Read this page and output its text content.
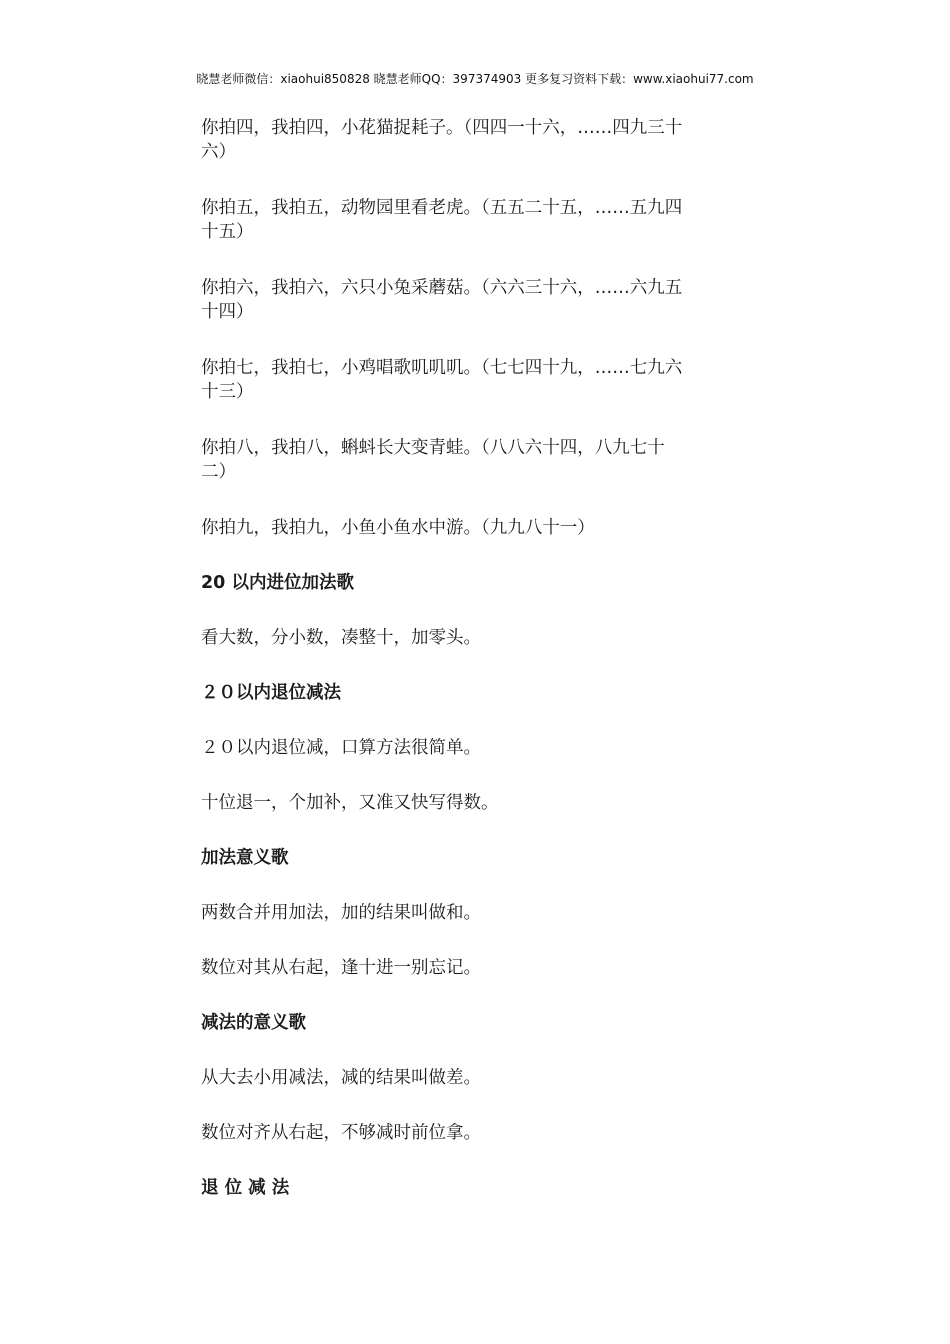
晓慧老师微信：xiaohui850828 晓慧老师QQ：397374903 更多复习资料下载：www.xiaohui77.com

你拍四，我拍四，小花猫捉耗子。（四四一十六，……四九三十
六）

你拍五，我拍五，动物园里看老虎。（五五二十五，……五九四
十五）

你拍六，我拍六，六只小兔采蘑菇。（六六三十六，……六九五
十四）

你拍七，我拍七，小鸡唱歌叽叽叽。（七七四十九，……七九六
十三）

你拍八，我拍八，蝌蚪长大变青蛙。（八八六十四，八九七十
二）

你拍九，我拍九，小鱼小鱼水中游。（九九八十一）

20 以内进位加法歌

看大数，分小数，凑整十，加零头。

２０以内退位减法

２０以内退位减，口算方法很简单。

十位退一，个加补，又准又快写得数。

加法意义歌

两数合并用加法，加的结果叫做和。

数位对其从右起，逢十进一别忘记。

减法的意义歌

从大去小用减法，减的结果叫做差。

数位对齐从右起，不够减时前位拿。

退 位 减 法
